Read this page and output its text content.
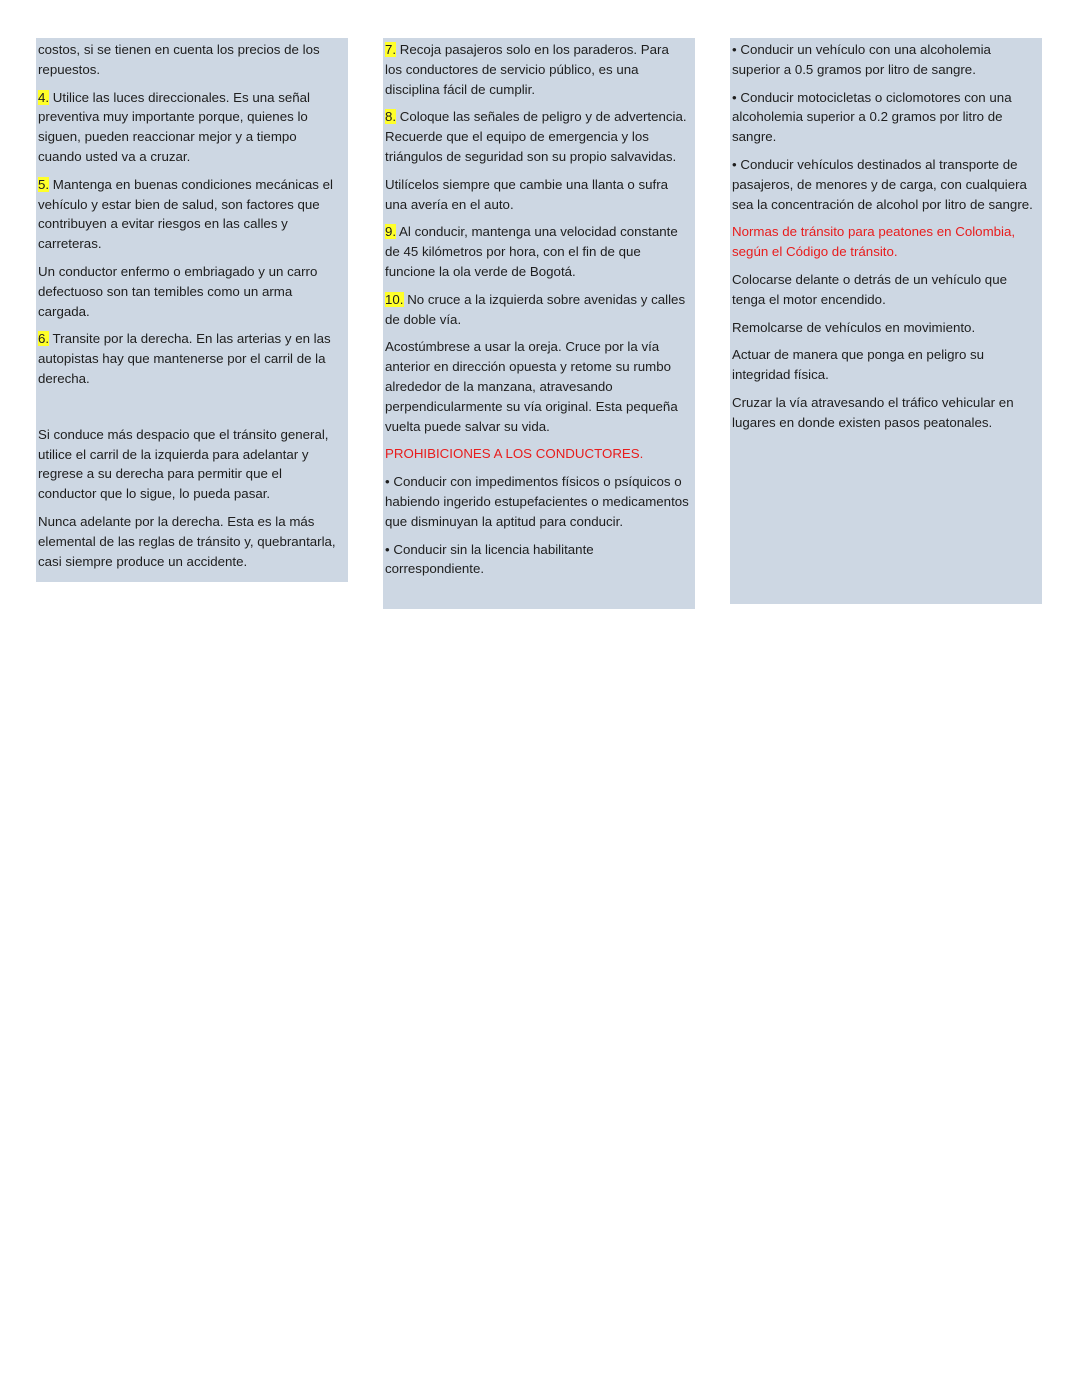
costos, si se tienen en cuenta los precios de los repuestos.

4. Utilice las luces direccionales. Es una señal preventiva muy importante porque, quienes lo siguen, pueden reaccionar mejor y a tiempo cuando usted va a cruzar.

5. Mantenga en buenas condiciones mecánicas el vehículo y estar bien de salud, son factores que contribuyen a evitar riesgos en las calles y carreteras.

Un conductor enfermo o embriagado y un carro defectuoso son tan temibles como un arma cargada.

6. Transite por la derecha. En las arterias y en las autopistas hay que mantenerse por el carril de la derecha.

Si conduce más despacio que el tránsito general, utilice el carril de la izquierda para adelantar y regrese a su derecha para permitir que el conductor que lo sigue, lo pueda pasar.

Nunca adelante por la derecha. Esta es la más elemental de las reglas de tránsito y, quebrantarla, casi siempre produce un accidente.

7. Recoja pasajeros solo en los paraderos. Para los conductores de servicio público, es una disciplina fácil de cumplir.

8. Coloque las señales de peligro y de advertencia. Recuerde que el equipo de emergencia y los triángulos de seguridad son su propio salvavidas.

Utilícelos siempre que cambie una llanta o sufra una avería en el auto.

9. Al conducir, mantenga una velocidad constante de 45 kilómetros por hora, con el fin de que funcione la ola verde de Bogotá.

10. No cruce a la izquierda sobre avenidas y calles de doble vía.

Acostúmbrese a usar la oreja. Cruce por la vía anterior en dirección opuesta y retome su rumbo alrededor de la manzana, atravesando perpendicularmente su vía original. Esta pequeña vuelta puede salvar su vida.

PROHIBICIONES A LOS CONDUCTORES.

• Conducir con impedimentos físicos o psíquicos o habiendo ingerido estupefacientes o medicamentos que disminuyan la aptitud para conducir.

• Conducir sin la licencia habilitante correspondiente.

• Conducir un vehículo con una alcoholemia superior a 0.5 gramos por litro de sangre.

• Conducir motocicletas o ciclomotores con una alcoholemia superior a 0.2 gramos por litro de sangre.

• Conducir vehículos destinados al transporte de pasajeros, de menores y de carga, con cualquiera sea la concentración de alcohol por litro de sangre.

Normas de tránsito para peatones en Colombia, según el Código de tránsito.

Colocarse delante o detrás de un vehículo que tenga el motor encendido.

Remolcarse de vehículos en movimiento.

Actuar de manera que ponga en peligro su integridad física.

Cruzar la vía atravesando el tráfico vehicular en lugares en donde existen pasos peatonales.
